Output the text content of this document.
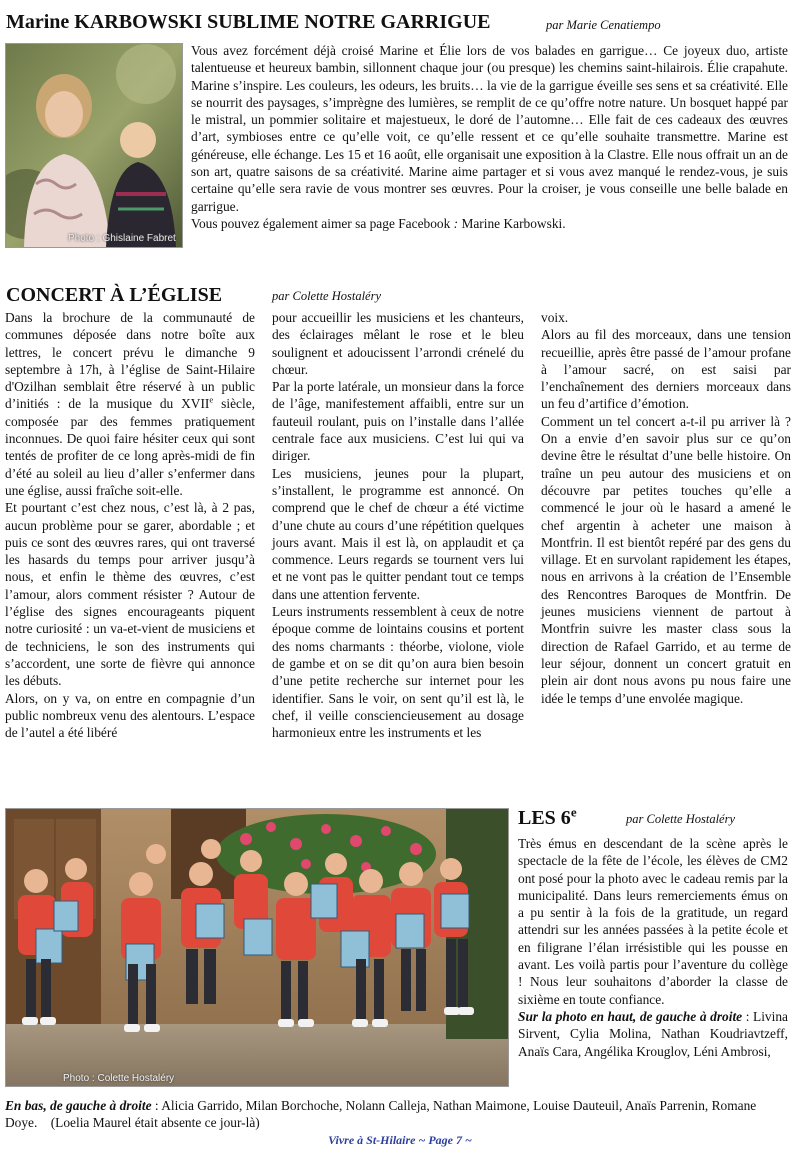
Marine KARBOWSKI SUBLIME NOTRE GARRIGUE	par Marie Cenatiempo
Photo : Ghislaine Fabret

Vous avez forcément déjà croisé Marine et Élie lors de vos balades en garrigue… Ce joyeux duo, artiste talentueuse et heureux bambin, sillonnent chaque jour (ou presque) les chemins saint-hilairois. Élie crapahute. Marine s’inspire. Les couleurs, les odeurs, les bruits… la vie de la garrigue éveille ses sens et sa créativité. Elle se nourrit des paysages, s’imprègne des lumières, se remplit de ce qu’offre notre nature. Un bosquet happé par le mistral, un pommier solitaire et majestueux, le doré de l’automne… Elle fait de ces cadeaux des œuvres d’art, symbioses entre ce qu’elle voit, ce qu’elle ressent et ce qu’elle souhaite transmettre. Marine est généreuse, elle échange. Les 15 et 16 août, elle organisait une exposition à la Clastre. Elle nous offrait un an de son art, quatre saisons de sa créativité. Marine aime partager et si vous avez manqué le rendez-vous, je suis certaine qu’elle sera ravie de vous montrer ses œuvres. Pour la croiser, je vous conseille une belle balade en garrigue.

Vous pouvez également aimer sa page Facebook : Marine Karbowski.

CONCERT À L’ÉGLISE	par Colette Hostaléry

Dans la brochure de la communauté de communes déposée dans notre boîte aux lettres, le concert prévu le dimanche 9 septembre à 17h, à l’église de Saint-Hilaire d'Ozilhan semblait être réservé à un public d’initiés : de la musique du XVIIe siècle, composée par des femmes pratiquement inconnues. De quoi faire hésiter ceux qui sont tentés de profiter de ce long après-midi de fin d’été au soleil au lieu d’aller s’enfermer dans une église, aussi fraîche soit-elle.

Et pourtant c’est chez nous, c’est là, à 2 pas, aucun problème pour se garer, abordable ; et puis ce sont des œuvres rares, qui ont traversé les hasards du temps pour arriver jusqu’à nous, et enfin le thème des œuvres, c’est l’amour, alors comment résister ? Autour de l’église des signes encourageants piquent notre curiosité : un va-et-vient de musiciens et de techniciens, le son des instruments qui s’accordent, une sorte de fièvre qui annonce les débuts.

Alors, on y va, on entre en compagnie d’un public nombreux venu des alentours. L’espace de l’autel a été libéré

pour accueillir les musiciens et les chanteurs, des éclairages mêlant le rose et le bleu soulignent et adoucissent l’arrondi crénelé du chœur.

Par la porte latérale, un monsieur dans la force de l’âge, manifestement affaibli, entre sur un fauteuil roulant, puis on l’installe dans l’allée centrale face aux musiciens. C’est lui qui va diriger.

Les musiciens, jeunes pour la plupart, s’installent, le programme est annoncé. On comprend que le chef de chœur a été victime d’une chute au cours d’une répétition quelques jours avant. Mais il est là, on applaudit et ça commence. Leurs regards se tournent vers lui et ne vont pas le quitter pendant tout ce temps dans une attention fervente.

Leurs instruments ressemblent à ceux de notre époque comme de lointains cousins et portent des noms charmants : théorbe, violone, viole de gambe et on se dit qu’on aura bien besoin d’une petite recherche sur internet pour les identifier. Sans le voir, on sent qu’il est là, le chef, il veille consciencieusement au dosage harmonieux entre les instruments et les

voix.

Alors au fil des morceaux, dans une tension recueillie, après être passé de l’amour profane à l’amour sacré, on est saisi par l’enchaînement des derniers morceaux dans un feu d’artifice d’émotion.

Comment un tel concert a-t-il pu arriver là ? On a envie d’en savoir plus sur ce qu’on devine être le résultat d’une belle histoire. On traîne un peu autour des musiciens et on découvre par petites touches qu’elle a commencé le jour où le hasard a amené le chef argentin à acheter une maison à Montfrin. Il est bientôt repéré par des gens du village. Et en survolant rapidement les étapes, nous en arrivons à la création de l’Ensemble des Rencontres Baroques de Montfrin. De jeunes musiciens viennent de partout à Montfrin suivre les master class sous la direction de Rafael Garrido, et au terme de leur séjour, donnent un concert gratuit en plein air dont nous avons pu nous faire une idée le temps d’une envolée magique.

Photo : Colette Hostaléry
LES 6e	par Colette Hostaléry

Très émus en descendant de la scène après le spectacle de la fête de l’école, les élèves de CM2 ont posé pour la photo avec le cadeau remis par la municipalité. Dans leurs remerciements émus on a pu sentir à la fois de la gratitude, un regard attendri sur les années passées à la petite école et en filigrane l’élan irrésistible qui les pousse en avant. Les voilà partis pour l’aventure du collège ! Nous leur souhaitons d’aborder la classe de sixième en toute confiance.

Sur la photo en haut, de gauche à droite : Livina Sirvent, Cylia Molina, Nathan Koudriavtzeff, Anaïs Cara, Angélika Krouglov, Léni Ambrosi,

En bas, de gauche à droite : Alicia Garrido, Milan Borchoche, Nolann Calleja, Nathan Maimone, Louise Dauteuil, Anaïs Parrenin, Romane Doye. (Loelia Maurel était absente ce jour-là)

Vivre à St-Hilaire ~ Page 7 ~
